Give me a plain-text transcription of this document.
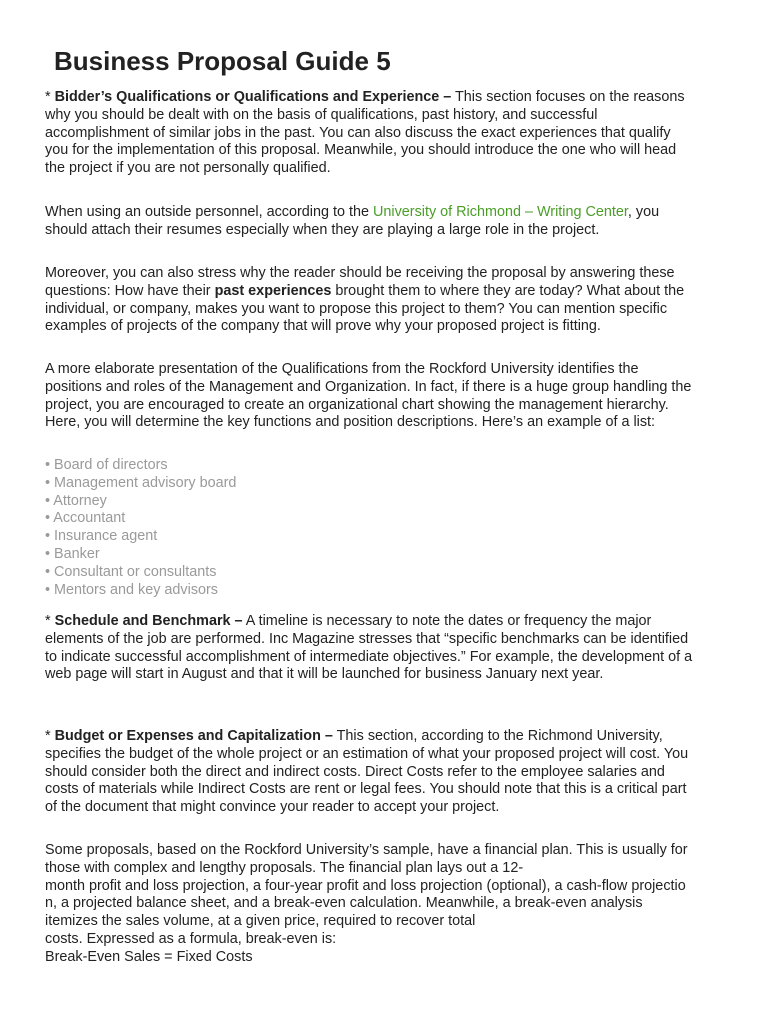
Business Proposal Guide 5

* Bidder’s Qualifications or Qualifications and Experience – This section focuses on the reasons
why you should be dealt with on the basis of qualifications, past history, and successful
accomplishment of similar jobs in the past. You can also discuss the exact experiences that qualify
you for the implementation of this proposal. Meanwhile, you should introduce the one who will head
the project if you are not personally qualified.

When using an outside personnel, according to the University of Richmond – Writing Center, you
should attach their resumes especially when they are playing a large role in the project.

Moreover, you can also stress why the reader should be receiving the proposal by answering these
questions: How have their past experiences brought them to where they are today? What about the
individual, or company, makes you want to propose this project to them? You can mention specific
examples of projects of the company that will prove why your proposed project is fitting.

A more elaborate presentation of the Qualifications from the Rockford University identifies the
positions and roles of the Management and Organization. In fact, if there is a huge group handling the
project, you are encouraged to create an organizational chart showing the management hierarchy.
Here, you will determine the key functions and position descriptions. Here’s an example of a list:

• Board of directors
• Management advisory board
• Attorney
• Accountant
• Insurance agent
• Banker
• Consultant or consultants
• Mentors and key advisors

* Schedule and Benchmark – A timeline is necessary to note the dates or frequency the major
elements of the job are performed. Inc Magazine stresses that “specific benchmarks can be identified
to indicate successful accomplishment of intermediate objectives.” For example, the development of a
web page will start in August and that it will be launched for business January next year.

* Budget or Expenses and Capitalization – This section, according to the Richmond University,
specifies the budget of the whole project or an estimation of what your proposed project will cost. You
should consider both the direct and indirect costs. Direct Costs refer to the employee salaries and
costs of materials while Indirect Costs are rent or legal fees. You should note that this is a critical part
of the document that might convince your reader to accept your project.

Some proposals, based on the Rockford University’s sample, have a financial plan. This is usually for
those with complex and lengthy proposals. The financial plan lays out a 12-
month profit and loss projection, a four-year profit and loss projection (optional), a cash-flow projectio
n, a projected balance sheet, and a break-even calculation. Meanwhile, a break-even analysis
itemizes the sales volume, at a given price, required to recover total
costs. Expressed as a formula, break-even is:
Break-Even Sales = Fixed Costs
